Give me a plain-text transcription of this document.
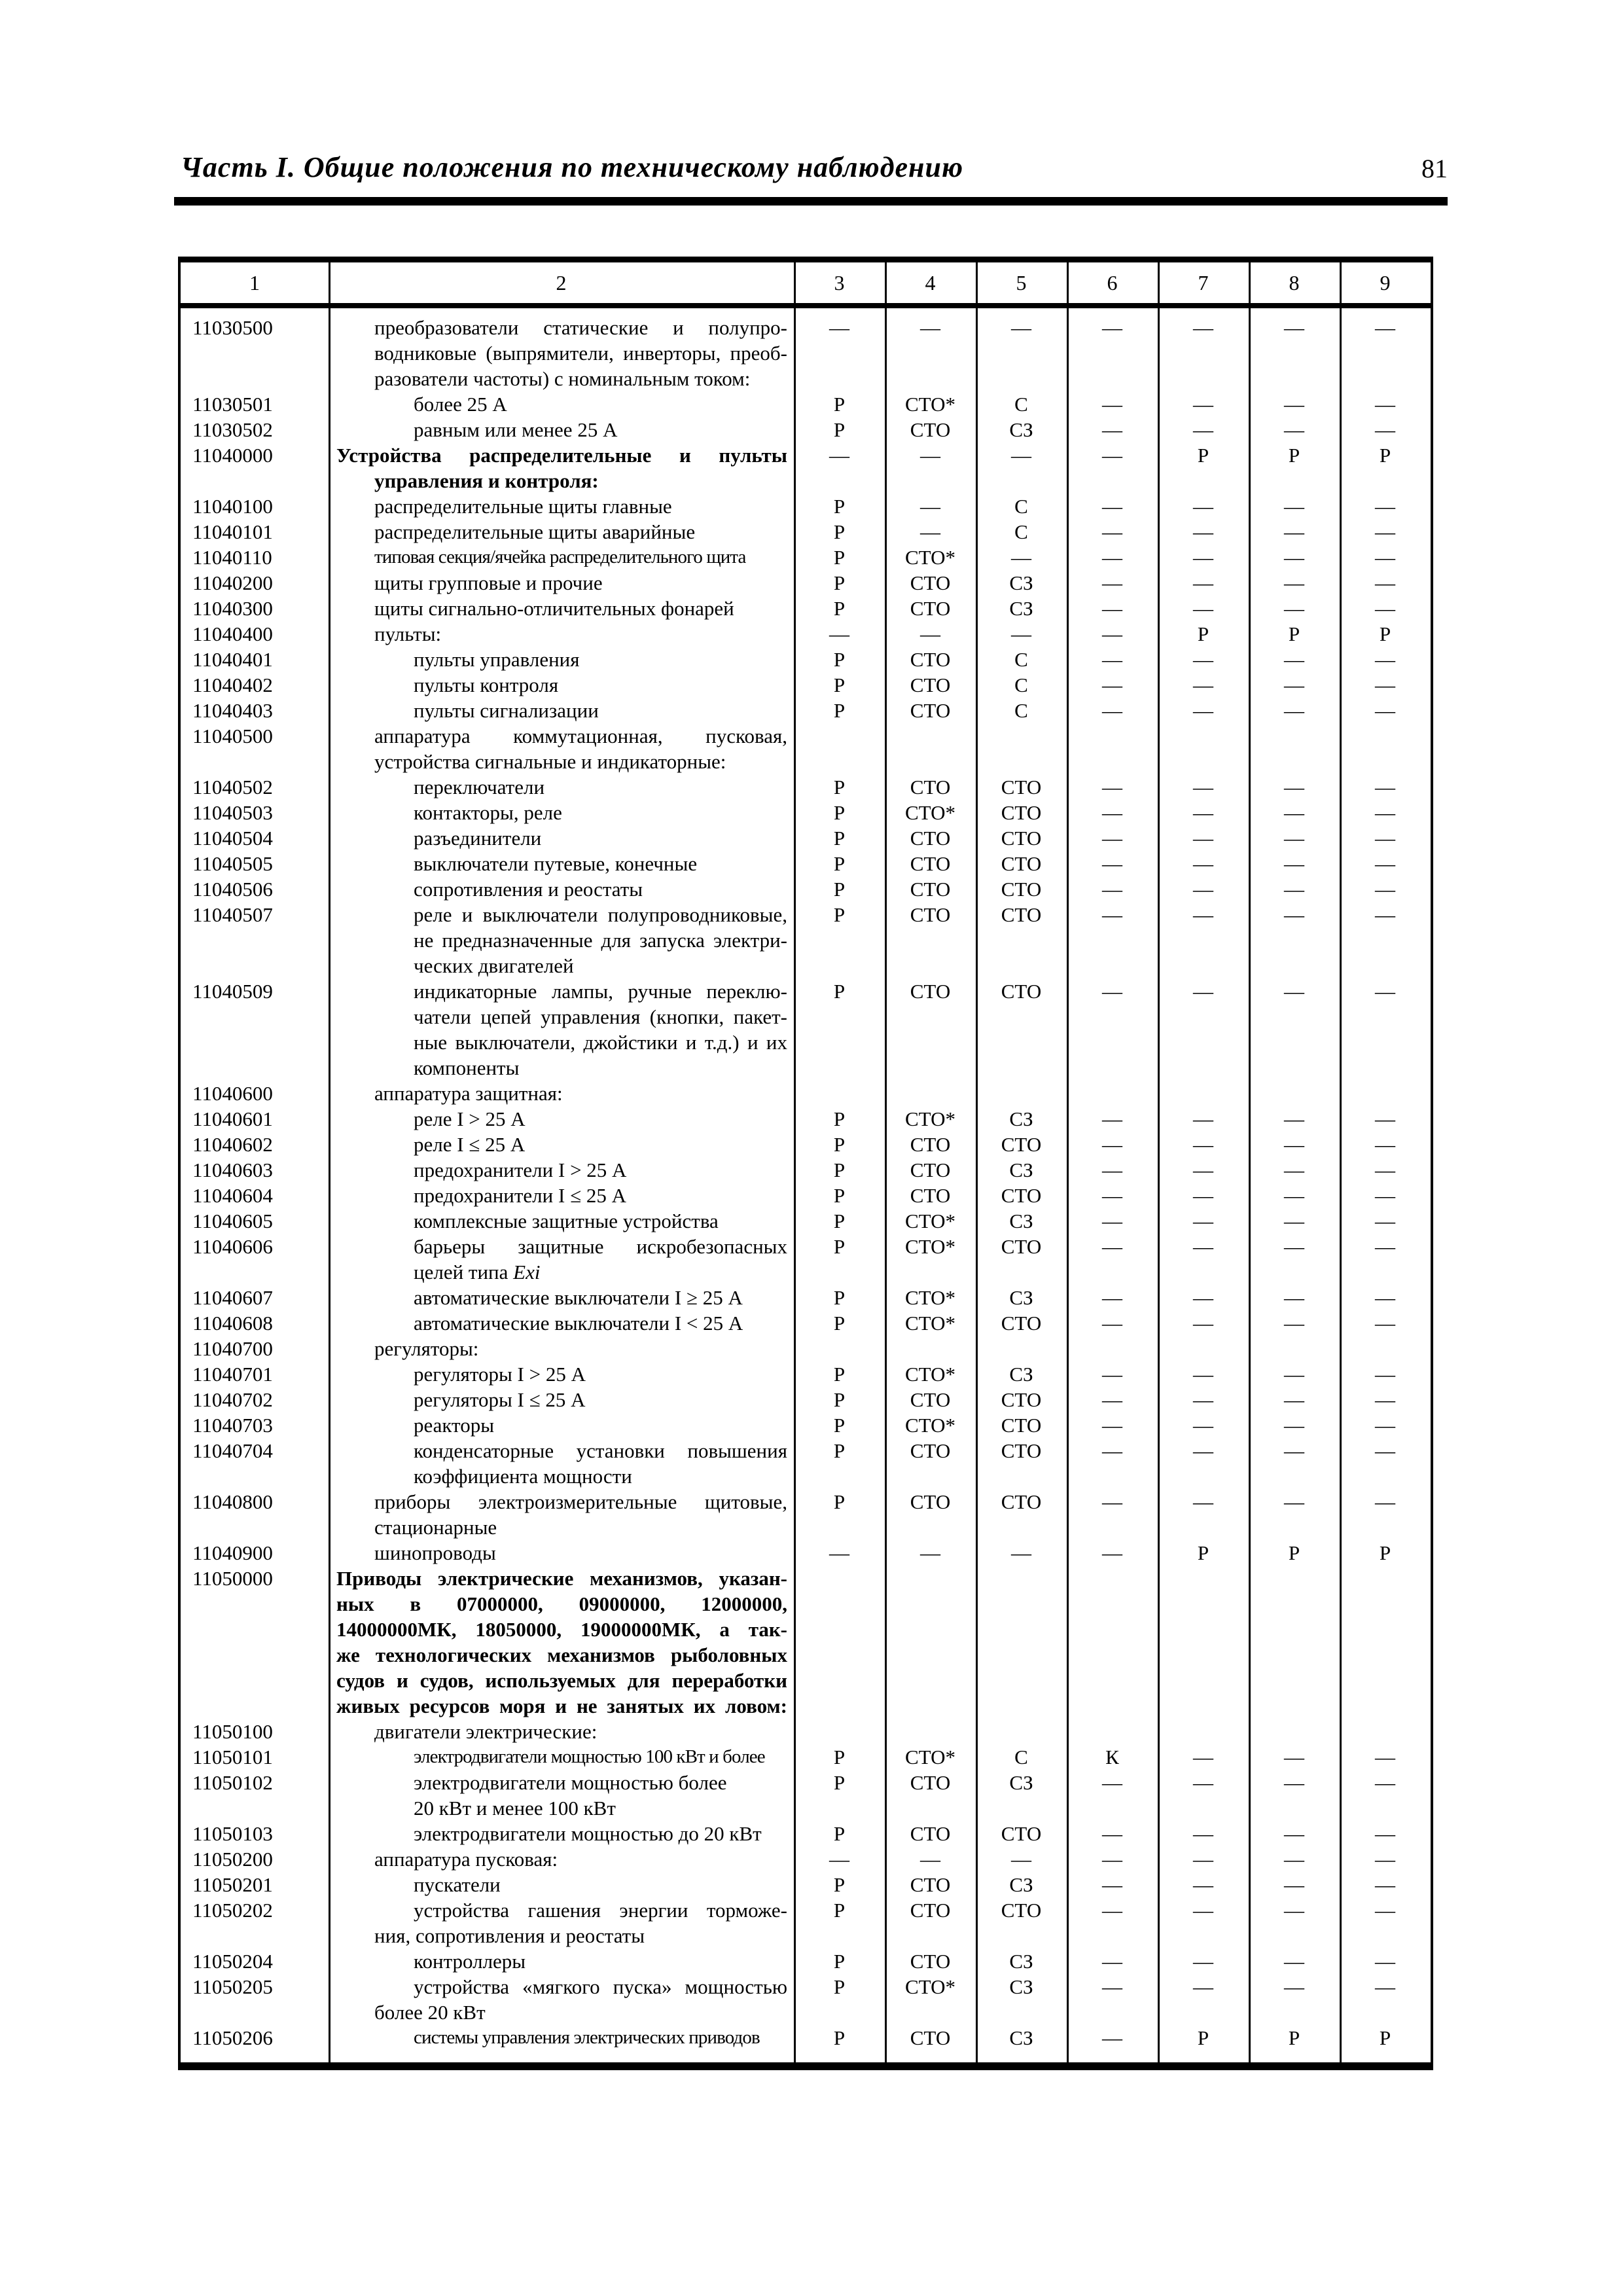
Часть I. Общие положения по техническому наблюдению	81
1	2	3	4	5	6	7	8	9
11030500	преобразователи статические и полупро-
водниковые (выпрямители, инверторы, преоб-
разователи частоты) с номинальным током:
—	—	—	—	—	—	—
11030501	более 25 А	Р	СТО*	С	—	—	—	—
11030502	равным или менее 25 А	Р	СТО	СЗ	—	—	—	—
11040000	Устройства распределительные и пульты
управления и контроля:
—	—	—	—	Р	Р	Р
11040100	распределительные щиты главные	Р	—	С	—	—	—	—
11040101	распределительные щиты аварийные	Р	—	С	—	—	—	—
11040110	типовая секция/ячейка распределительного щита	Р	СТО*	—	—	—	—	—
11040200	щиты групповые и прочие	Р	СТО	СЗ	—	—	—	—
11040300	щиты сигнально-отличительных фонарей	Р	СТО	СЗ	—	—	—	—
11040400	пульты:	—	—	—	—	Р	Р	Р
11040401	пульты управления	Р	СТО	С	—	—	—	—
11040402	пульты контроля	Р	СТО	С	—	—	—	—
11040403	пульты сигнализации	Р	СТО	С	—	—	—	—
11040500	аппаратура коммутационная, пусковая,
устройства сигнальные и индикаторные:
11040502	переключатели	Р	СТО	СТО	—	—	—	—
11040503	контакторы, реле	Р	СТО*	СТО	—	—	—	—
11040504	разъединители	Р	СТО	СТО	—	—	—	—
11040505	выключатели путевые, конечные	Р	СТО	СТО	—	—	—	—
11040506	сопротивления и реостаты	Р	СТО	СТО	—	—	—	—
11040507	реле и выключатели полупроводниковые,
не предназначенные для запуска электри-
ческих двигателей
Р	СТО	СТО	—	—	—	—
11040509	индикаторные лампы, ручные переклю-
чатели цепей управления (кнопки, пакет-
ные выключатели, джойстики и т.д.) и их
компоненты
Р	СТО	СТО	—	—	—	—
11040600	аппаратура защитная:
11040601	реле I > 25 А	Р	СТО*	СЗ	—	—	—	—
11040602	реле I ≤ 25 А	Р	СТО	СТО	—	—	—	—
11040603	предохранители I > 25 А	Р	СТО	СЗ	—	—	—	—
11040604	предохранители I ≤ 25 А	Р	СТО	СТО	—	—	—	—
11040605	комплексные защитные устройства	Р	СТО*	СЗ	—	—	—	—
11040606	барьеры защитные искробезопасных
целей типа Exi
Р	СТО*	СТО	—	—	—	—
11040607	автоматические выключатели I ≥ 25 А	Р	СТО*	СЗ	—	—	—	—
11040608	автоматические выключатели I < 25 А	Р	СТО*	СТО	—	—	—	—
11040700	регуляторы:
11040701	регуляторы I > 25 А	Р	СТО*	СЗ	—	—	—	—
11040702	регуляторы I ≤ 25 А	Р	СТО	СТО	—	—	—	—
11040703	реакторы	Р	СТО*	СТО	—	—	—	—
11040704	конденсаторные установки повышения
коэффициента мощности
Р	СТО	СТО	—	—	—	—
11040800	приборы электроизмерительные щитовые,
стационарные
Р	СТО	СТО	—	—	—	—
11040900	шинопроводы	—	—	—	—	Р	Р	Р
11050000	Приводы электрические механизмов, указан-
ных в 07000000, 09000000, 12000000,
14000000МК, 18050000, 19000000МК, а так-
же технологических механизмов рыболовных
судов и судов, используемых для переработки
живых ресурсов моря и не занятых их ловом:
11050100	двигатели электрические:
11050101	электродвигатели мощностью 100 кВт и более	Р	СТО*	С	К	—	—	—
11050102	электродвигатели мощностью более
20 кВт и менее 100 кВт
Р	СТО	СЗ	—	—	—	—
11050103	электродвигатели мощностью до 20 кВт	Р	СТО	СТО	—	—	—	—
11050200	аппаратура пусковая:	—	—	—	—	—	—	—
11050201	пускатели	Р	СТО	СЗ	—	—	—	—
11050202	устройства гашения энергии торможе-
ния, сопротивления и реостаты
Р	СТО	СТО	—	—	—	—
11050204	контроллеры	Р	СТО	СЗ	—	—	—	—
11050205	устройства «мягкого пуска» мощностью
более 20 кВт
Р	СТО*	СЗ	—	—	—	—
11050206	системы управления электрических приводов	Р	СТО	СЗ	—	Р	Р	Р
